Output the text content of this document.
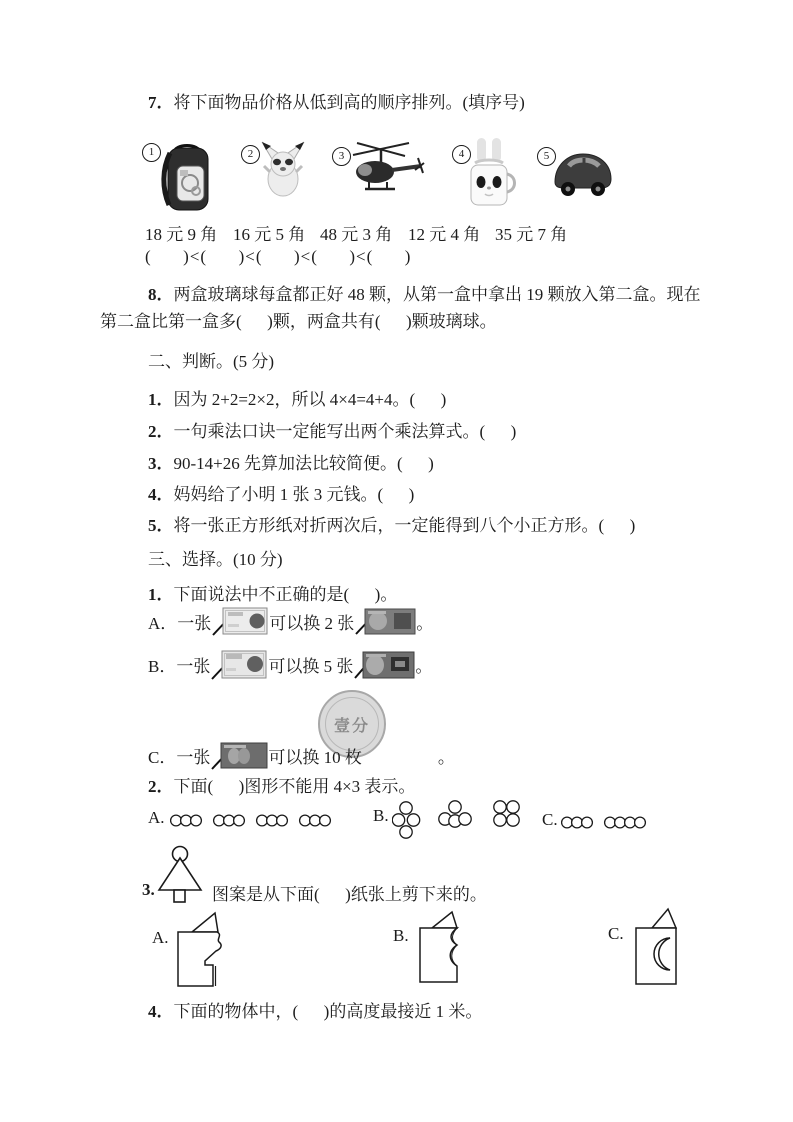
7．将下面物品价格从低到高的顺序排列。(填序号)
1	2	3	4	5
18 元 9 角 16 元 5 角 48 元 3 角 12 元 4 角 35 元 7 角
(      )<(      )<(      )<(      )<(      )
8．两盒玻璃球每盒都正好 48 颗，从第一盒中拿出 19 颗放入第二盒。现在
第二盒比第一盒多(      )颗，两盒共有(      )颗玻璃球。
二、判断。(5 分)
1．因为 2+2=2×2，所以 4×4=4+4。(      )
2．一句乘法口诀一定能写出两个乘法算式。(      )
3．90-14+26 先算加法比较简便。(      )
4．妈妈给了小明 1 张 3 元钱。(      )
5．将一张正方形纸对折两次后，一定能得到八个小正方形。(      )
三、选择。(10 分)
1．下面说法中不正确的是(      )。
A．一张	可以换 2 张	。
B．一张	可以换 5 张	。
壹分
C．一张	可以换 10 枚	。
2．下面(      )图形不能用 4×3 表示。
A.	B.	C.
3.	图案是从下面(      )纸张上剪下来的。
A.	B.	C.
4．下面的物体中，(      )的高度最接近 1 米。
